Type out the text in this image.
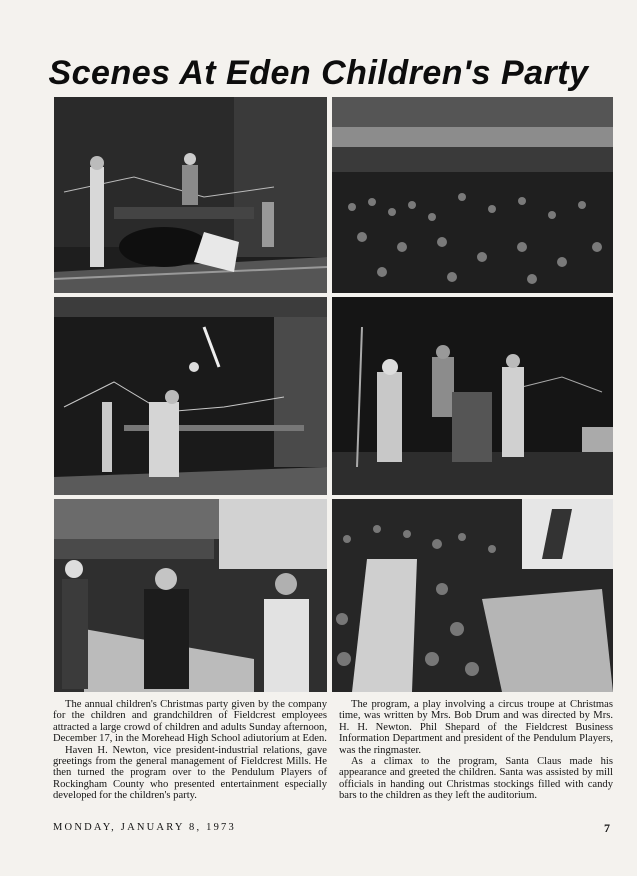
Scenes At Eden Children's Party

The annual children's Christmas party given by the company for the children and grandchildren of Fieldcrest employees attracted a large crowd of children and adults Sunday afternoon, December 17, in the Morehead High School adiutorium at Eden.

Haven H. Newton, vice president-industrial relations, gave greetings from the general management of Fieldcrest Mills. He then turned the program over to the Pendulum Players of Rockingham County who presented entertainment especially developed for the children's party.

The program, a play involving a circus troupe at Christmas time, was written by Mrs. Bob Drum and was directed by Mrs. H. H. Newton. Phil Shepard of the Fieldcrest Business Information Department and president of the Pendulum Players, was the ringmaster.

As a climax to the program, Santa Claus made his appearance and greeted the children. Santa was assisted by mill officials in handing out Christmas stockings filled with candy bars to the children as they left the auditorium.

MONDAY, JANUARY 8, 1973	7
